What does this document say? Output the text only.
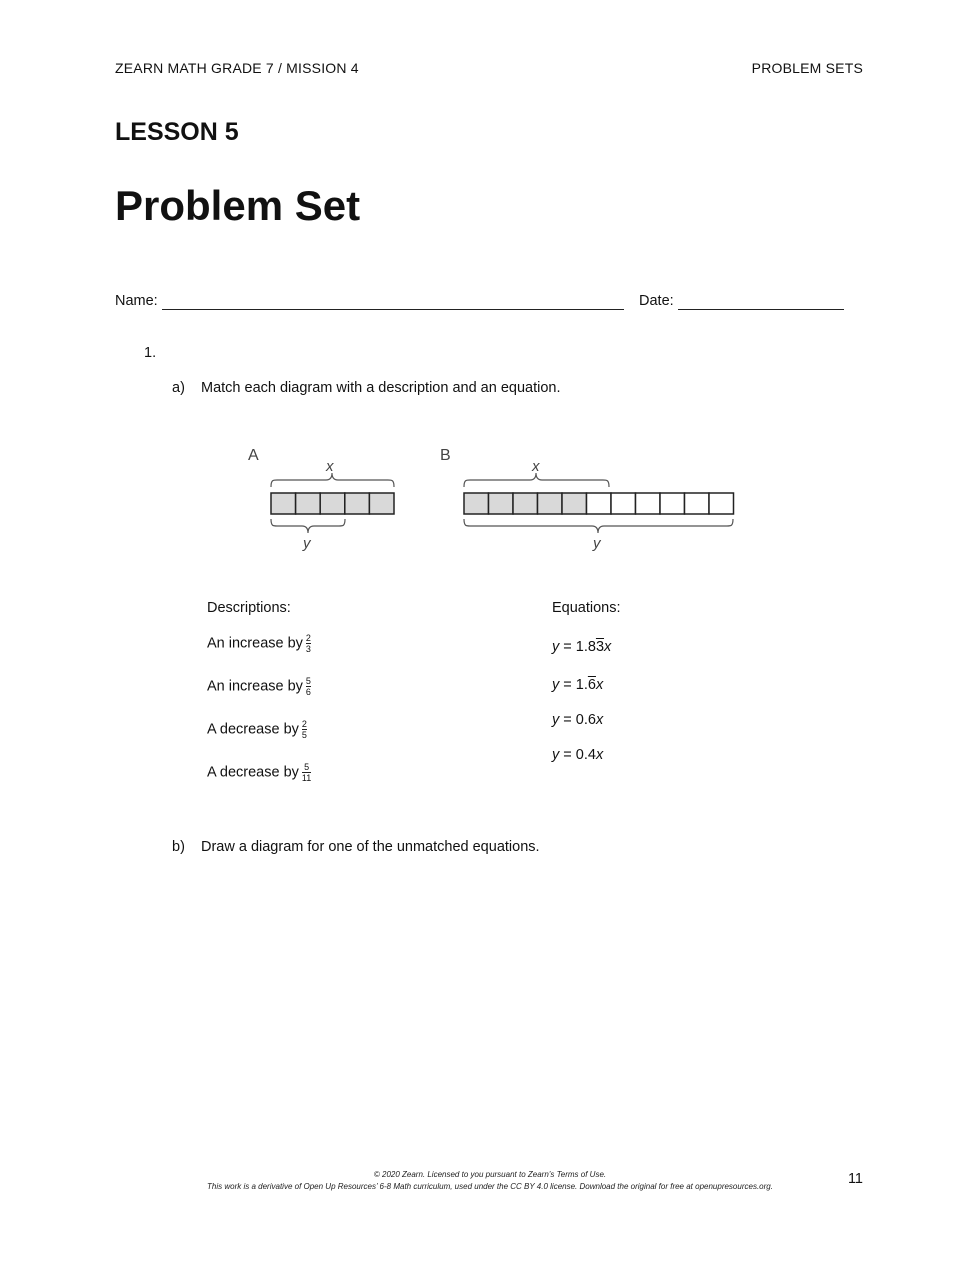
ZEARN MATH GRADE 7 / MISSION 4	PROBLEM SETS
LESSON 5
Problem Set
Name:	Date:
1.
a) Match each diagram with a description and an equation.
A
x
y
B
x
y
Descriptions:
An increase by $\frac{2}{3}$
An increase by $\frac{5}{6}$
A decrease by $\frac{2}{5}$
A decrease by $\frac{5}{11}$
Equations:
y = 1.83x
y = 1.6x
y = 0.6x
y = 0.4x
b) Draw a diagram for one of the unmatched equations.
© 2020 Zearn. Licensed to you pursuant to Zearn’s Terms of Use.
This work is a derivative of Open Up Resources’ 6-8 Math curriculum, used under the CC BY 4.0 license. Download the original for free at openupresources.org.	11
